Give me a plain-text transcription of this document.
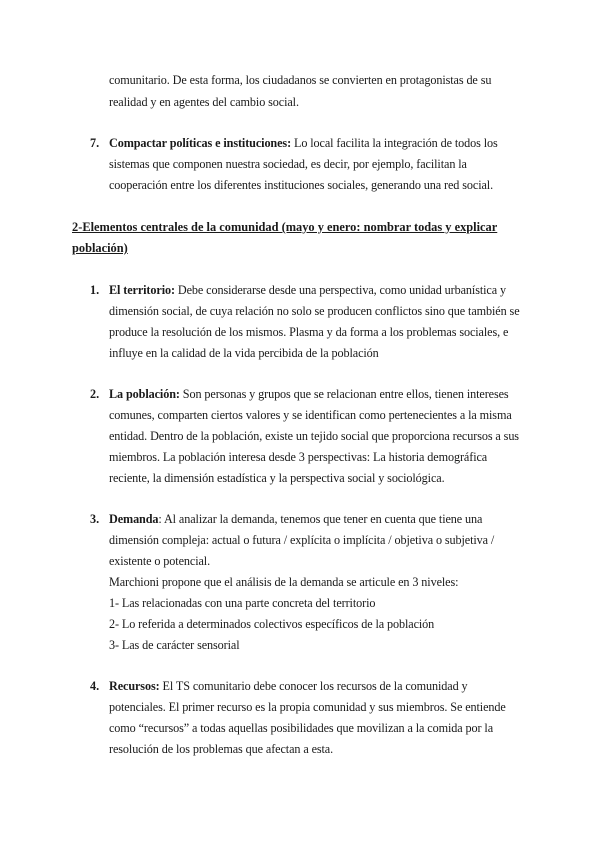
comunitario. De esta forma, los ciudadanos se convierten en protagonistas de su
realidad y en agentes del cambio social.
7. Compactar políticas e instituciones: Lo local facilita la integración de todos los
sistemas que componen nuestra sociedad, es decir, por ejemplo, facilitan la
cooperación entre los diferentes instituciones sociales, generando una red social.
2-Elementos centrales de la comunidad (mayo y enero: nombrar todas y explicar
población)
1. El territorio: Debe considerarse desde una perspectiva, como unidad urbanística y
dimensión social, de cuya relación no solo se producen conflictos sino que también se
produce la resolución de los mismos. Plasma y da forma a los problemas sociales, e
influye en la calidad de la vida percibida de la población
2. La población: Son personas y grupos que se relacionan entre ellos, tienen intereses
comunes, comparten ciertos valores y se identifican como pertenecientes a la misma
entidad. Dentro de la población, existe un tejido social que proporciona recursos a sus
miembros. La población interesa desde 3 perspectivas: La historia demográfica
reciente, la dimensión estadística y la perspectiva social y sociológica.
3. Demanda: Al analizar la demanda, tenemos que tener en cuenta que tiene una
dimensión compleja: actual o futura / explícita o implícita / objetiva o subjetiva /
existente o potencial.
Marchioni propone que el análisis de la demanda se articule en 3 niveles:
1- Las relacionadas con una parte concreta del territorio
2- Lo referida a determinados colectivos específicos de la población
3- Las de carácter sensorial
4. Recursos: El TS comunitario debe conocer los recursos de la comunidad y
potenciales. El primer recurso es la propia comunidad y sus miembros. Se entiende
como “recursos” a todas aquellas posibilidades que movilizan a la comida por la
resolución de los problemas que afectan a esta.
